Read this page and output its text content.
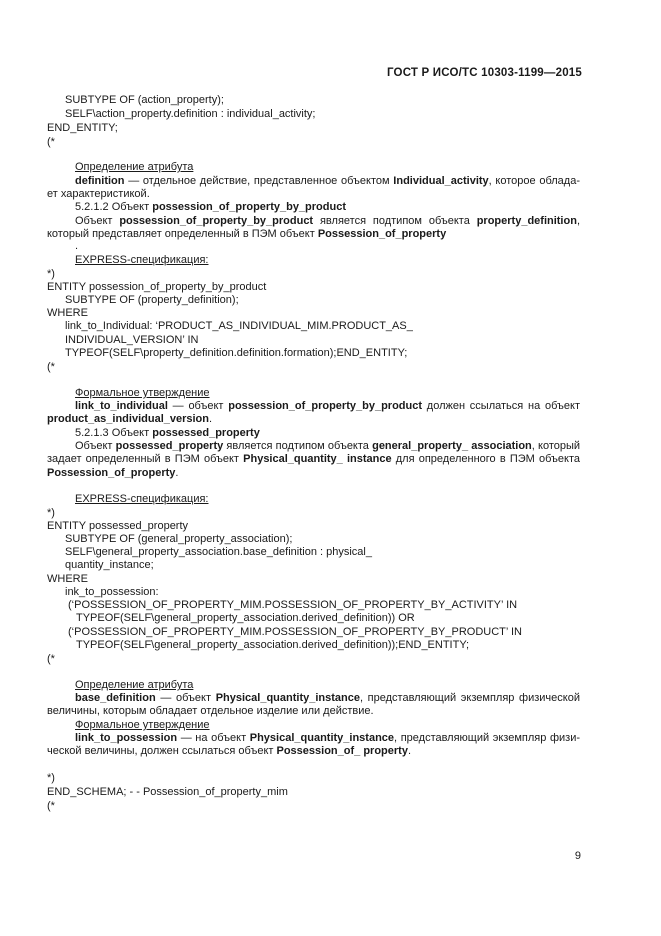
ГОСТ Р ИСО/ТС 10303-1199—2015
SUBTYPE OF (action_property);
SELF\action_property.definition : individual_activity;
END_ENTITY;
(*
Определение атрибута
definition — отдельное действие, представленное объектом Individual_activity, которое облада-
ет характеристикой.
5.2.1.2 Объект possession_of_property_by_product
Объект possession_of_property_by_product является подтипом объекта property_definition,
который представляет определенный в ПЭМ объект Possession_of_property
.
EXPRESS-спецификация:
*)
ENTITY possession_of_property_by_product
SUBTYPE OF (property_definition);
WHERE
link_to_Individual: ‘PRODUCT_AS_INDIVIDUAL_MIM.PRODUCT_AS_
INDIVIDUAL_VERSION’ IN
TYPEOF(SELF\property_definition.definition.formation);END_ENTITY;
(*
Формальное утверждение
link_to_individual — объект possession_of_property_by_product должен ссылаться на объект
product_as_individual_version.
5.2.1.3 Объект possessed_property
Объект possessed_property является подтипом объекта general_property_ association, который
задает определенный в ПЭМ объект Physical_quantity_ instance для определенного в ПЭМ объекта
Possession_of_property.
EXPRESS-спецификация:
*)
ENTITY possessed_property
SUBTYPE OF (general_property_association);
SELF\general_property_association.base_definition : physical_
quantity_instance;
WHERE
ink_to_possession:
(‘POSSESSION_OF_PROPERTY_MIM.POSSESSION_OF_PROPERTY_BY_ACTIVITY’ IN
TYPEOF(SELF\general_property_association.derived_definition)) OR
(‘POSSESSION_OF_PROPERTY_MIM.POSSESSION_OF_PROPERTY_BY_PRODUCT’ IN
TYPEOF(SELF\general_property_association.derived_definition));END_ENTITY;
(*
Определение атрибута
base_definition — объект Physical_quantity_instance, представляющий экземпляр физической
величины, которым обладает отдельное изделие или действие.
Формальное утверждение
link_to_possession — на объект Physical_quantity_instance, представляющий экземпляр физи-
ческой величины, должен ссылаться объект Possession_of_ property.
*)
END_SCHEMA; - - Possession_of_property_mim
(*
9
